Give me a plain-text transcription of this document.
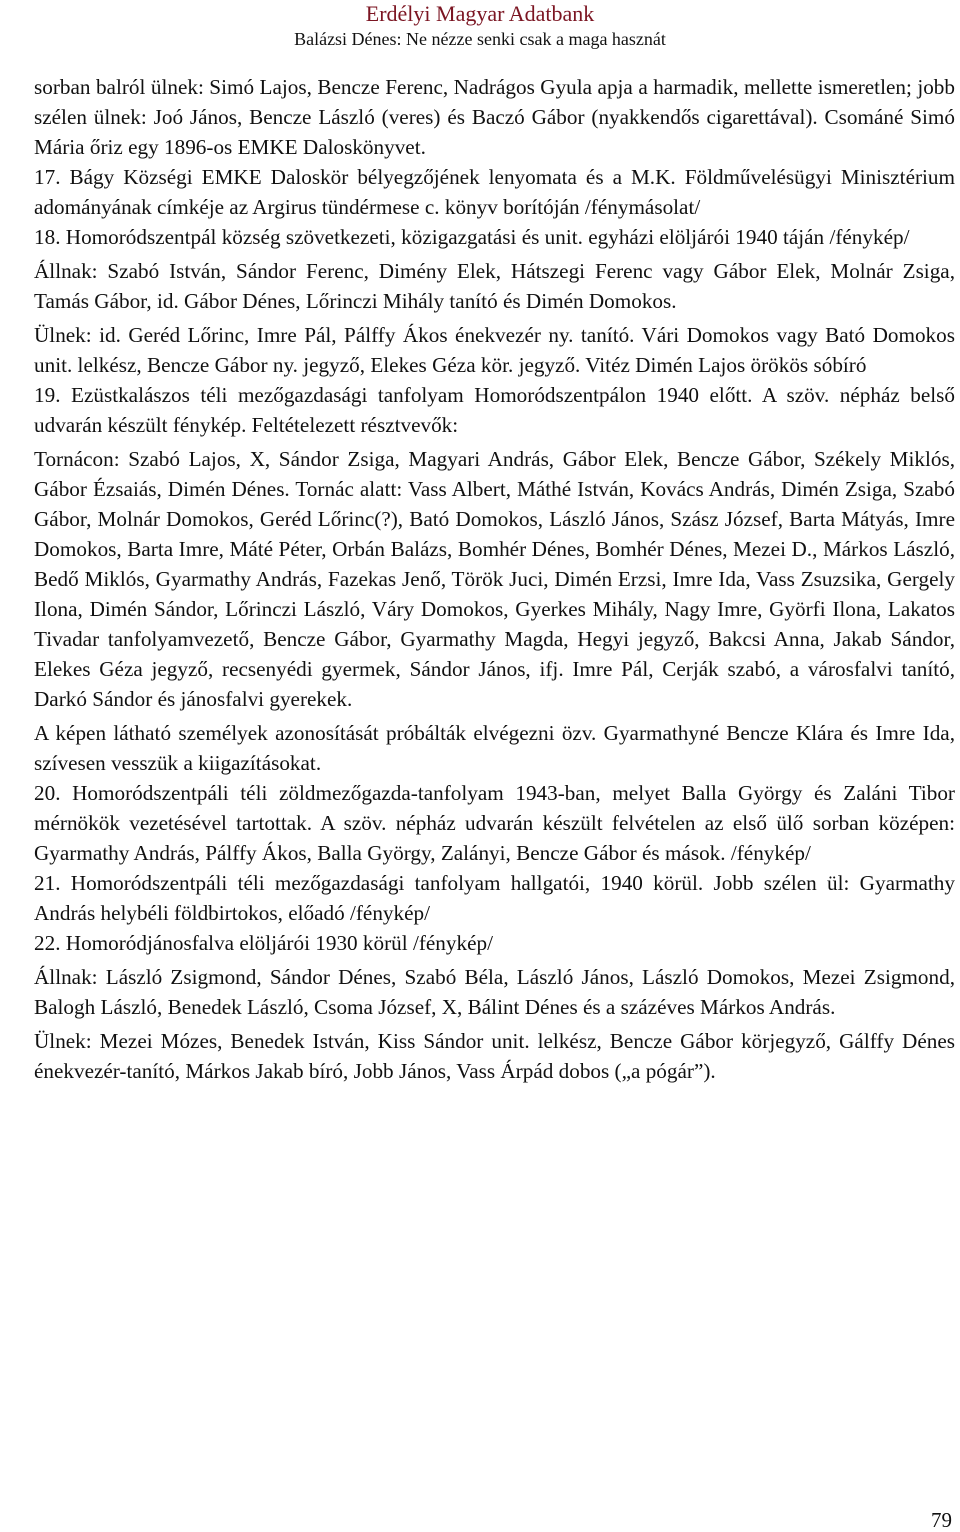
Erdélyi Magyar Adatbank
Balázsi Dénes: Ne nézze senki csak a maga hasznát

sorban balról ülnek: Simó Lajos, Bencze Ferenc, Nadrágos Gyula apja a harmadik, mellette ismeretlen; jobb szélen ülnek: Joó János, Bencze László (veres) és Baczó Gábor (nyakkendős cigarettával). Csománé Simó Mária őriz egy 1896-os EMKE Daloskönyvet.

17. Bágy Községi EMKE Daloskör bélyegzőjének lenyomata és a M.K. Földművelésügyi Minisztérium adományának címkéje az Argirus tündérmese c. könyv borítóján /fénymásolat/

18. Homoródszentpál község szövetkezeti, közigazgatási és unit. egyházi elöljárói 1940 táján /fénykép/

Állnak: Szabó István, Sándor Ferenc, Dimény Elek, Hátszegi Ferenc vagy Gábor Elek, Molnár Zsiga, Tamás Gábor, id. Gábor Dénes, Lőrinczi Mihály tanító és Dimén Domokos.

Ülnek: id. Geréd Lőrinc, Imre Pál, Pálffy Ákos énekvezér ny. tanító. Vári Domokos vagy Bató Domokos unit. lelkész, Bencze Gábor ny. jegyző, Elekes Géza kör. jegyző. Vitéz Dimén Lajos örökös sóbíró

19. Ezüstkalászos téli mezőgazdasági tanfolyam Homoródszentpálon 1940 előtt. A szöv. népház belső udvarán készült fénykép. Feltételezett résztvevők:

Tornácon: Szabó Lajos, X, Sándor Zsiga, Magyari András, Gábor Elek, Bencze Gábor, Székely Miklós, Gábor Ézsaiás, Dimén Dénes. Tornác alatt: Vass Albert, Máthé István, Kovács András, Dimén Zsiga, Szabó Gábor, Molnár Domokos, Geréd Lőrinc(?), Bató Domokos, László János, Szász József, Barta Mátyás, Imre Domokos, Barta Imre, Máté Péter, Orbán Balázs, Bomhér Dénes, Bomhér Dénes, Mezei D., Márkos László, Bedő Miklós, Gyarmathy András, Fazekas Jenő, Török Juci, Dimén Erzsi, Imre Ida, Vass Zsuzsika, Gergely Ilona, Dimén Sándor, Lőrinczi László, Váry Domokos, Gyerkes Mihály, Nagy Imre, Györfi Ilona, Lakatos Tivadar tanfolyamvezető, Bencze Gábor, Gyarmathy Magda, Hegyi jegyző, Bakcsi Anna, Jakab Sándor, Elekes Géza jegyző, recsenyédi gyermek, Sándor János, ifj. Imre Pál, Cerják szabó, a városfalvi tanító, Darkó Sándor és jánosfalvi gyerekek.

A képen látható személyek azonosítását próbálták elvégezni özv. Gyarmathyné Bencze Klára és Imre Ida, szívesen vesszük a kiigazításokat.

20. Homoródszentpáli téli zöldmezőgazda-tanfolyam 1943-ban, melyet Balla György és Zaláni Tibor mérnökök vezetésével tartottak. A szöv. népház udvarán készült felvételen az első ülő sorban középen: Gyarmathy András, Pálffy Ákos, Balla György, Zalányi, Bencze Gábor és mások. /fénykép/

21. Homoródszentpáli téli mezőgazdasági tanfolyam hallgatói, 1940 körül. Jobb szélen ül: Gyarmathy András helybéli földbirtokos, előadó /fénykép/

22. Homoródjánosfalva elöljárói 1930 körül /fénykép/

Állnak: László Zsigmond, Sándor Dénes, Szabó Béla, László János, László Domokos, Mezei Zsigmond, Balogh László, Benedek László, Csoma József, X, Bálint Dénes és a százéves Márkos András.

Ülnek: Mezei Mózes, Benedek István, Kiss Sándor unit. lelkész, Bencze Gábor körjegyző, Gálffy Dénes énekvezér-tanító, Márkos Jakab bíró, Jobb János, Vass Árpád dobos („a pógár”).

79
